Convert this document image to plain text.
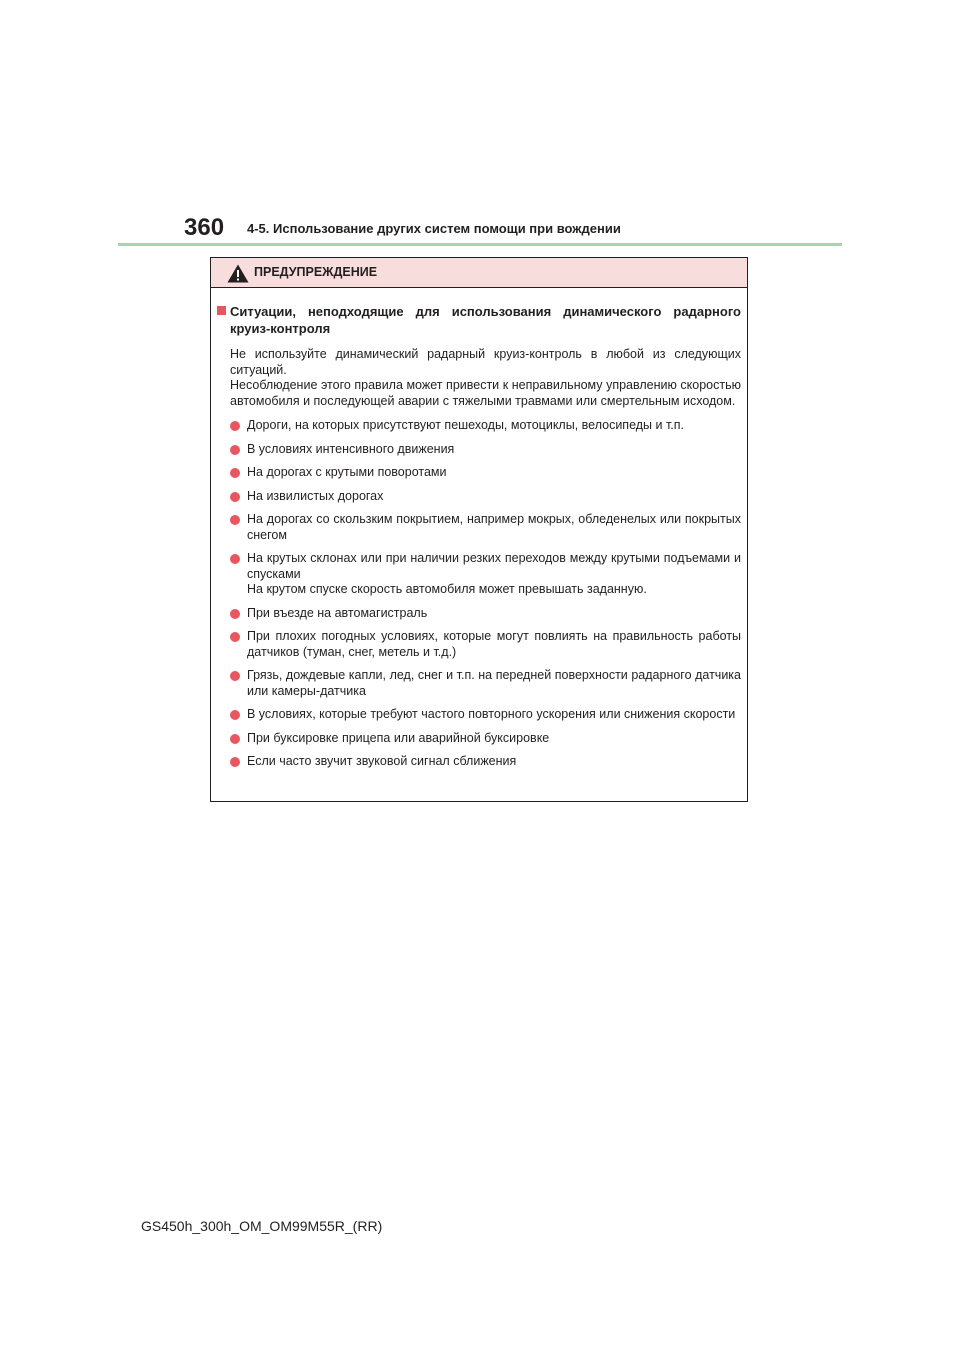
360 4-5. Использование других систем помощи при вождении
ПРЕДУПРЕЖДЕНИЕ
Ситуации, неподходящие для использования динамического радарного круиз-контроля
Не используйте динамический радарный круиз-контроль в любой из следующих ситуаций.
Несоблюдение этого правила может привести к неправильному управлению скоростью автомобиля и последующей аварии с тяжелыми травмами или смертельным исходом.
Дороги, на которых присутствуют пешеходы, мотоциклы, велосипеды и т.п.
В условиях интенсивного движения
На дорогах с крутыми поворотами
На извилистых дорогах
На дорогах со скользким покрытием, например мокрых, обледенелых или покрытых снегом
На крутых склонах или при наличии резких переходов между крутыми подъемами и спусками
На крутом спуске скорость автомобиля может превышать заданную.
При въезде на автомагистраль
При плохих погодных условиях, которые могут повлиять на правильность работы датчиков (туман, снег, метель и т.д.)
Грязь, дождевые капли, лед, снег и т.п. на передней поверхности радарного датчика или камеры-датчика
В условиях, которые требуют частого повторного ускорения или снижения скорости
При буксировке прицепа или аварийной буксировке
Если часто звучит звуковой сигнал сближения
GS450h_300h_OM_OM99M55R_(RR)
